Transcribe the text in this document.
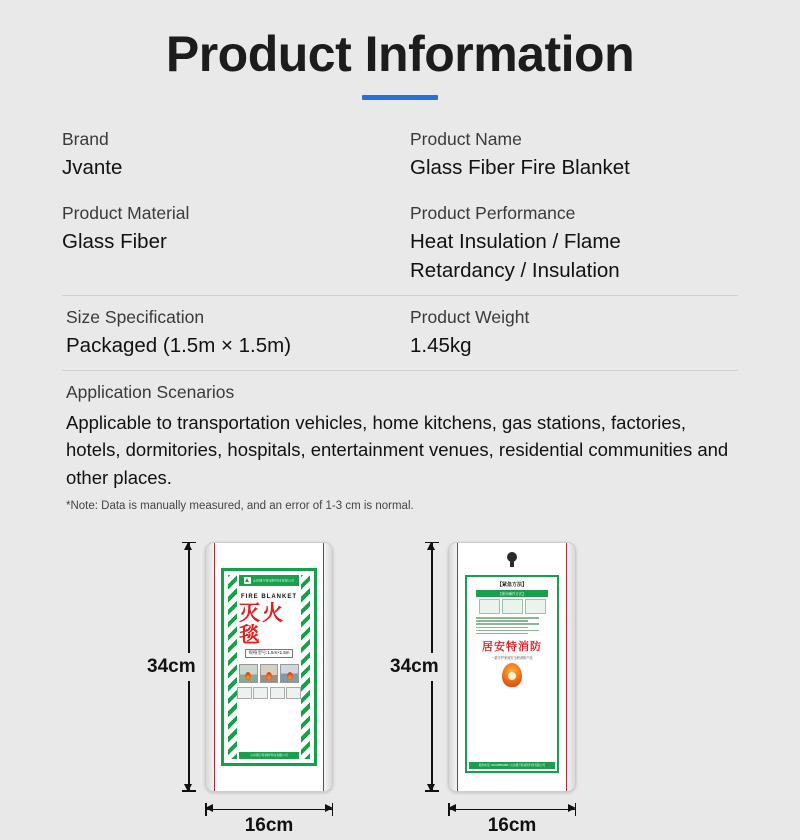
Product Information
Brand
Jvante
Product Name
Glass Fiber Fire Blanket
Product Material
Glass Fiber
Product Performance
Heat Insulation / Flame Retardancy / Insulation
Size Specification
Packaged (1.5m × 1.5m)
Product Weight
1.45kg
Application Scenarios
Applicable to transportation vehicles, home kitchens, gas stations, factories, hotels, dormitories, hospitals, entertainment venues, residential communities and other places.
*Note: Data is manually measured, and an error of 1-3 cm is normal.
34cm
山东捷万特消防科技有限公司
FIRE BLANKET
灭火毯
规格型号:1.5m×1.5m
山东捷万特消防科技有限公司
16cm
34cm
【紧急方法】
【使用操作方法】
居安特消防
一款守护家庭安全的消防产品
服务电话: 400-8888-888 / 山东捷万特消防科技有限公司
16cm
